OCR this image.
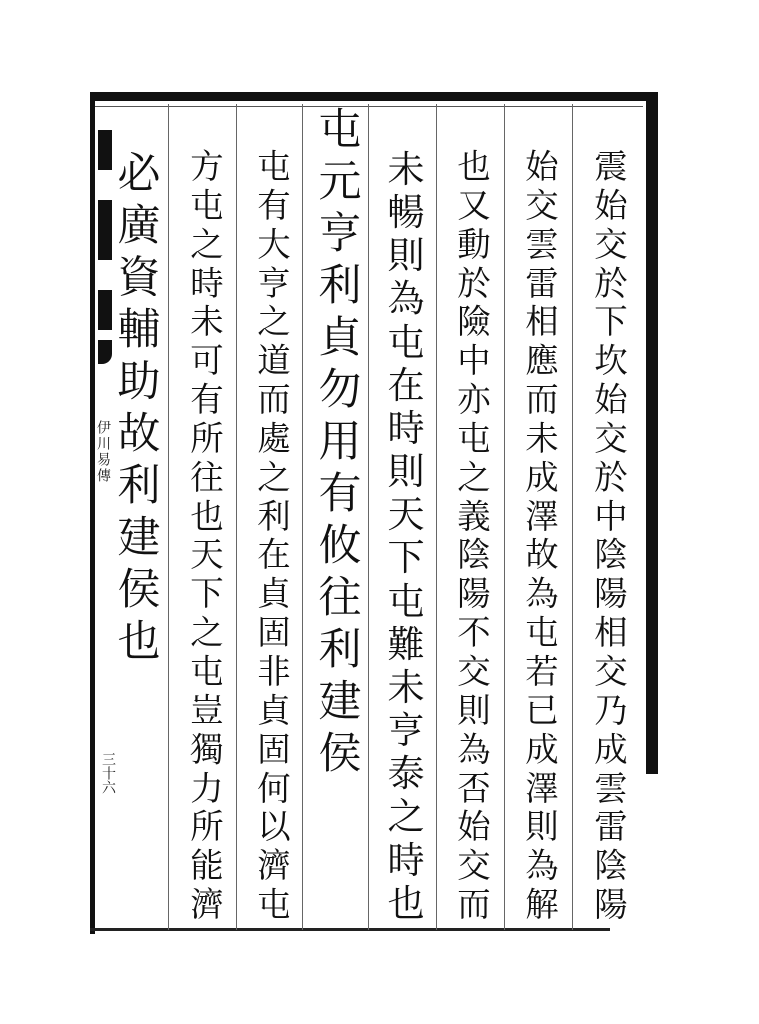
伊川易傳
三十六
震
始
交
於
下
坎
始
交
於
中
陰
陽
相
交
乃
成
雲
雷
陰
陽
始
交
雲
雷
相
應
而
未
成
澤
故
為
屯
若
已
成
澤
則
為
解
也
又
動
於
險
中
亦
屯
之
義
陰
陽
不
交
則
為
否
始
交
而
未
暢
則
為
屯
在
時
則
天
下
屯
難
未
亨
泰
之
時
也
屯
元
亨
利
貞
勿
用
有
攸
往
利
建
侯
屯
有
大
亨
之
道
而
處
之
利
在
貞
固
非
貞
固
何
以
濟
屯
方
屯
之
時
未
可
有
所
往
也
天
下
之
屯
豈
獨
力
所
能
濟
必
廣
資
輔
助
故
利
建
侯
也
